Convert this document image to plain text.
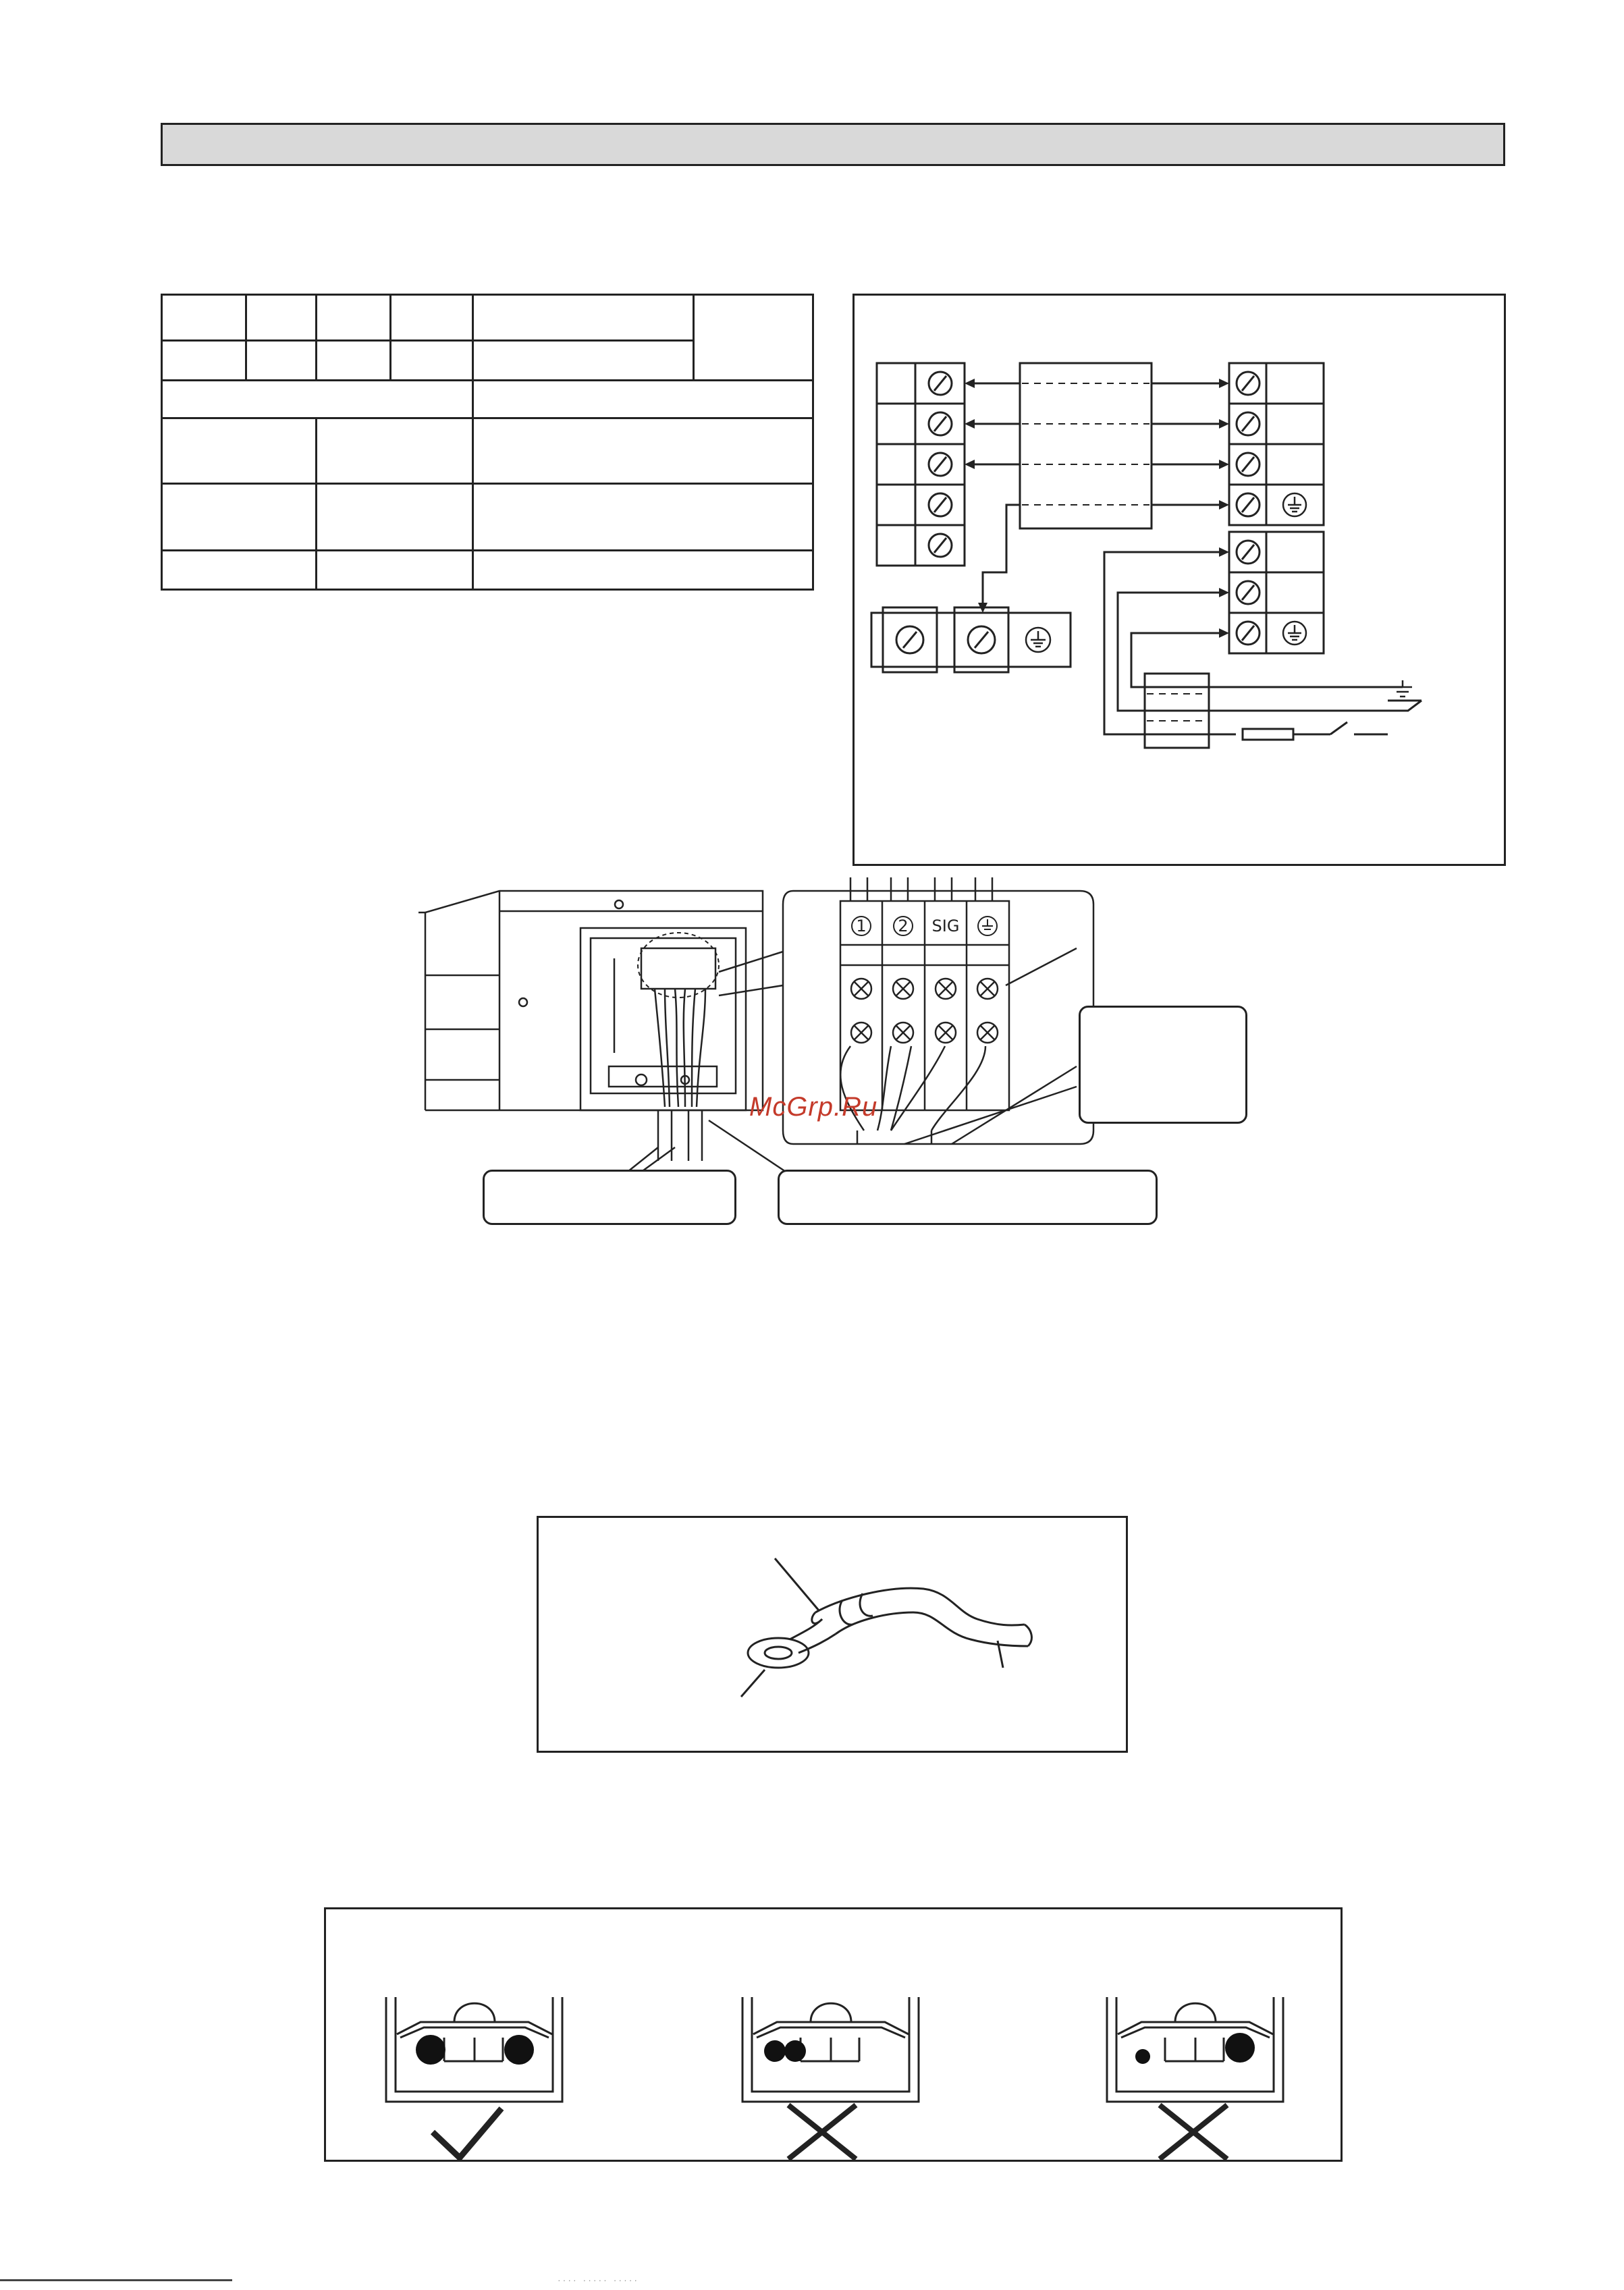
1 2 SIG
McGrp.Ru
···· ····· ·····
